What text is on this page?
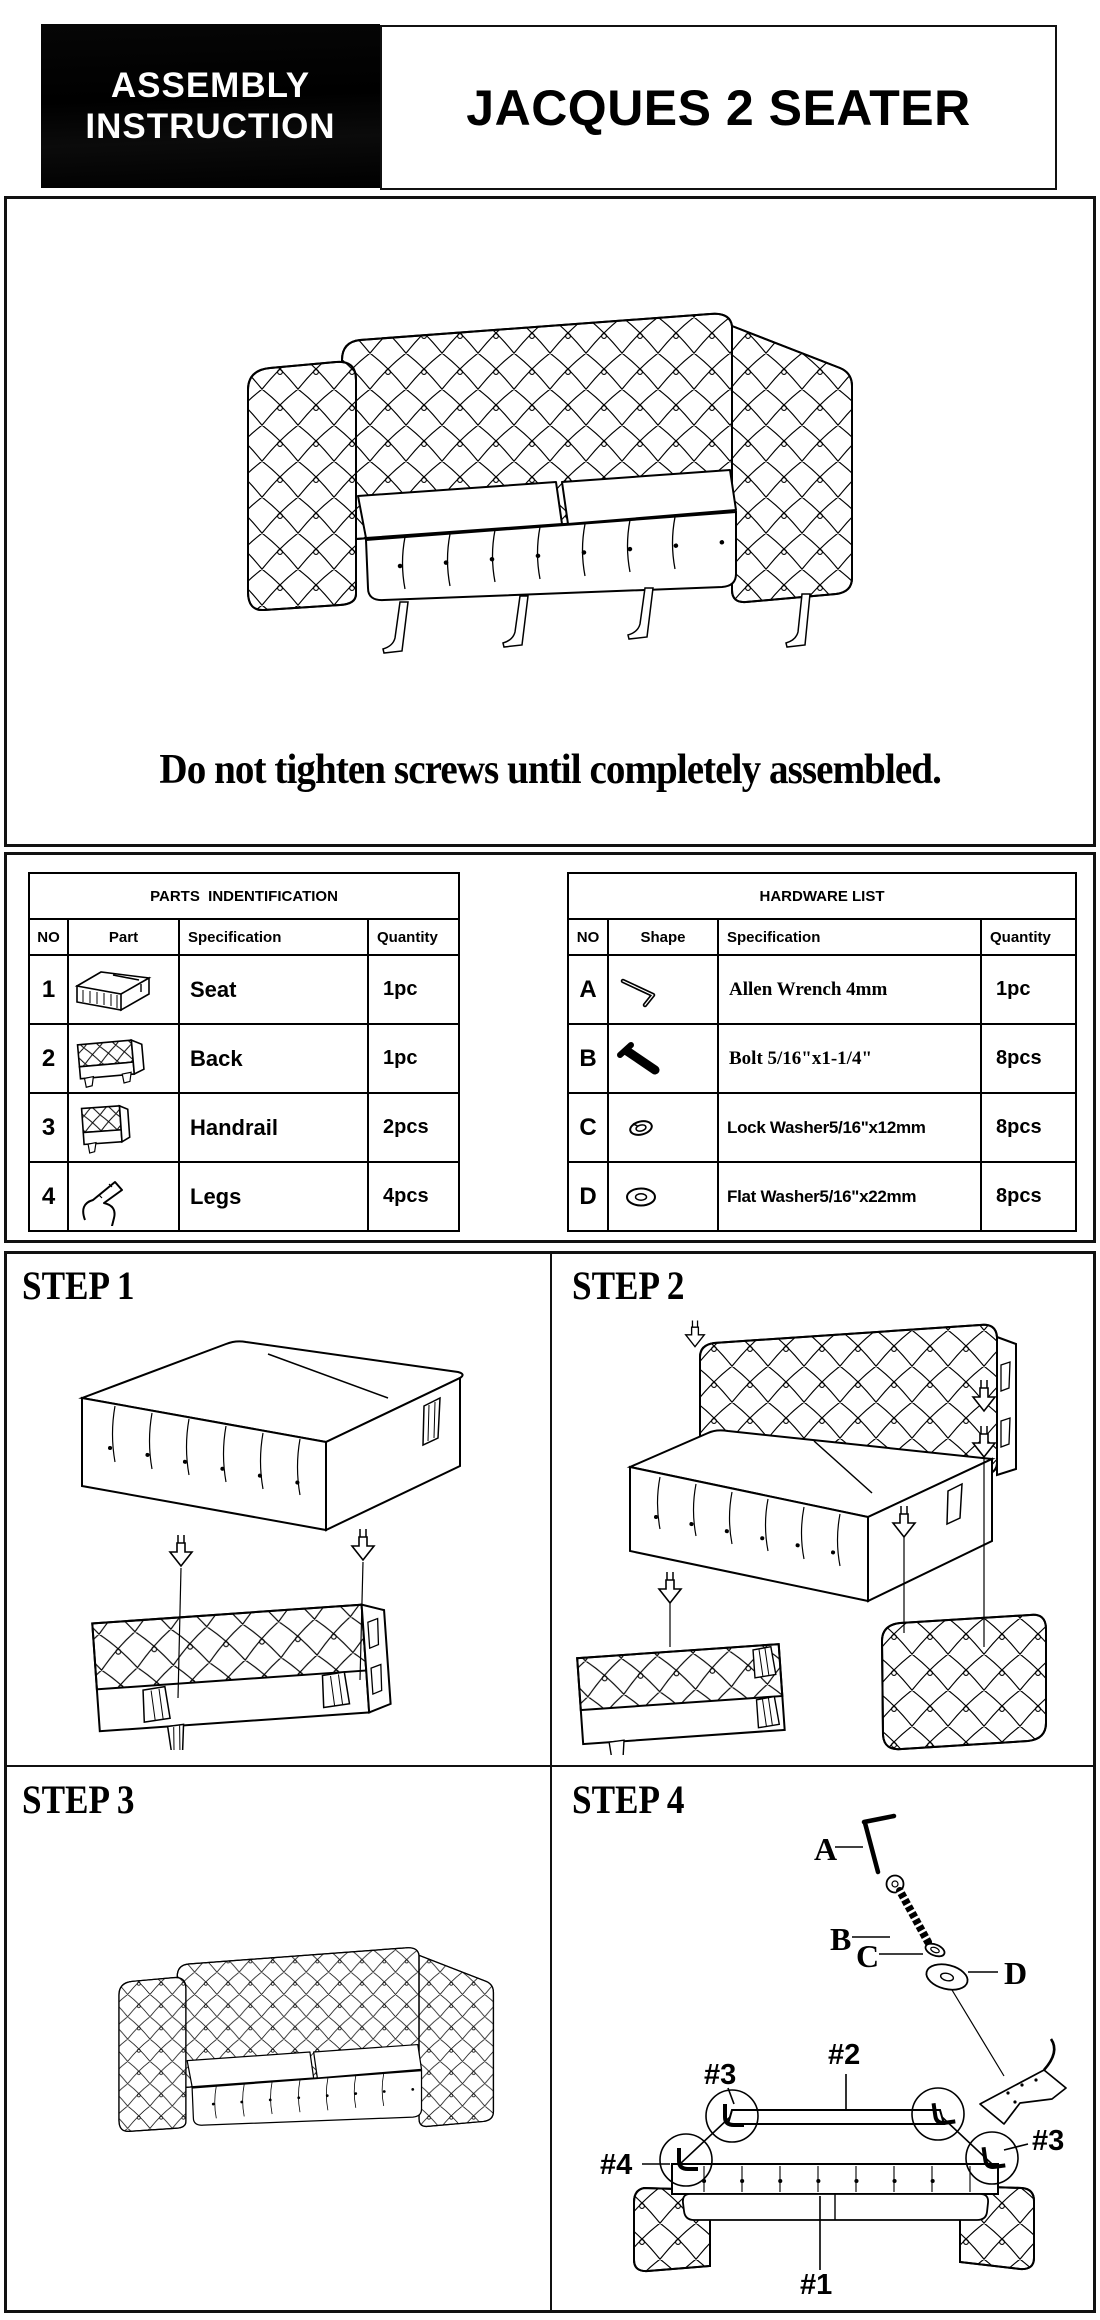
ASSEMBLY
INSTRUCTION	JACQUES 2 SEATER
Do not tighten screws until completely assembled.
PARTS  INDENTIFICATION			
NO	Part	Specification	Quantity
1		Seat	1pc
2		Back	1pc
3		Handrail	2pcs
4		Legs	4pcs
HARDWARE LIST			
NO	Shape	Specification	Quantity
A		Allen Wrench 4mm	1pc
B		Bolt 5/16"x1-1/4"	8pcs
C		Lock Washer5/16"x12mm	8pcs
D		Flat Washer5/16"x22mm	8pcs
STEP 1	STEP 2
STEP 3	STEP 4
A
B C	D
#3
#2
#3
#4
#1
